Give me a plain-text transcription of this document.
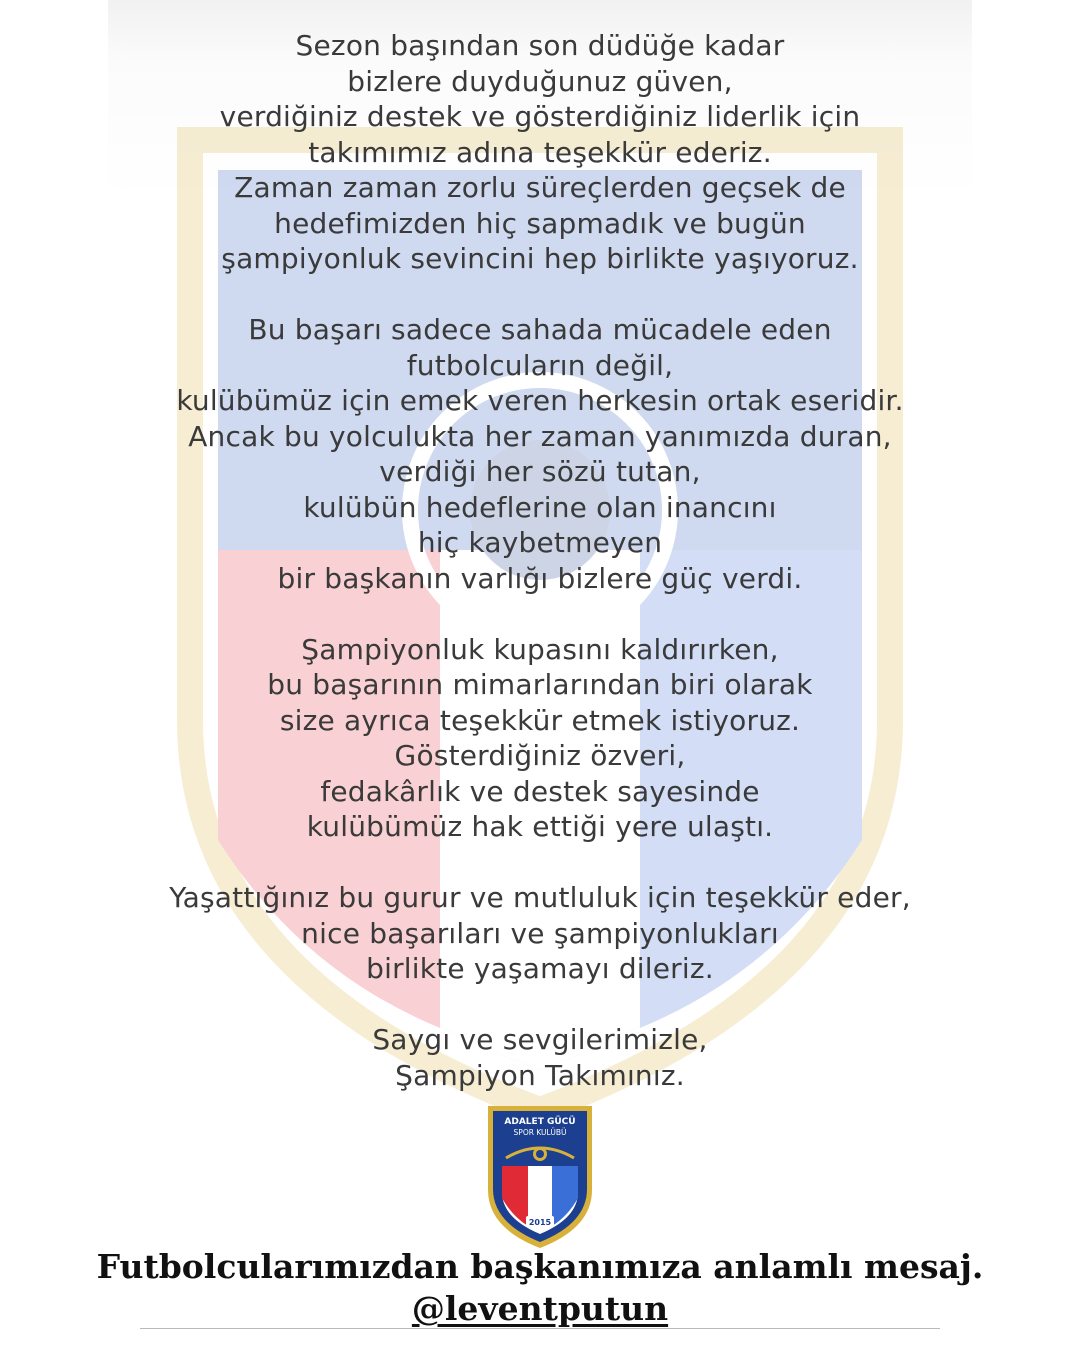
Sezon başından son düdüğe kadar
bizlere duyduğunuz güven,
verdiğiniz destek ve gösterdiğiniz liderlik için
takımımız adına teşekkür ederiz.
Zaman zaman zorlu süreçlerden geçsek de
hedefimizden hiç sapmadık ve bugün
şampiyonluk sevincini hep birlikte yaşıyoruz.
Bu başarı sadece sahada mücadele eden
futbolcuların değil,
kulübümüz için emek veren herkesin ortak eseridir.
Ancak bu yolculukta her zaman yanımızda duran,
verdiği her sözü tutan,
kulübün hedeflerine olan inancını
hiç kaybetmeyen
bir başkanın varlığı bizlere güç verdi.
Şampiyonluk kupasını kaldırırken,
bu başarının mimarlarından biri olarak
size ayrıca teşekkür etmek istiyoruz.
Gösterdiğiniz özveri,
fedakârlık ve destek sayesinde
kulübümüz hak ettiği yere ulaştı.
Yaşattığınız bu gurur ve mutluluk için teşekkür eder,
nice başarıları ve şampiyonlukları
birlikte yaşamayı dileriz.
Saygı ve sevgilerimizle,
Şampiyon Takımınız.
ADALET GÜCÜ
SPOR KULÜBÜ
2015
Futbolcularımızdan başkanımıza anlamlı mesaj.
@leventputun
